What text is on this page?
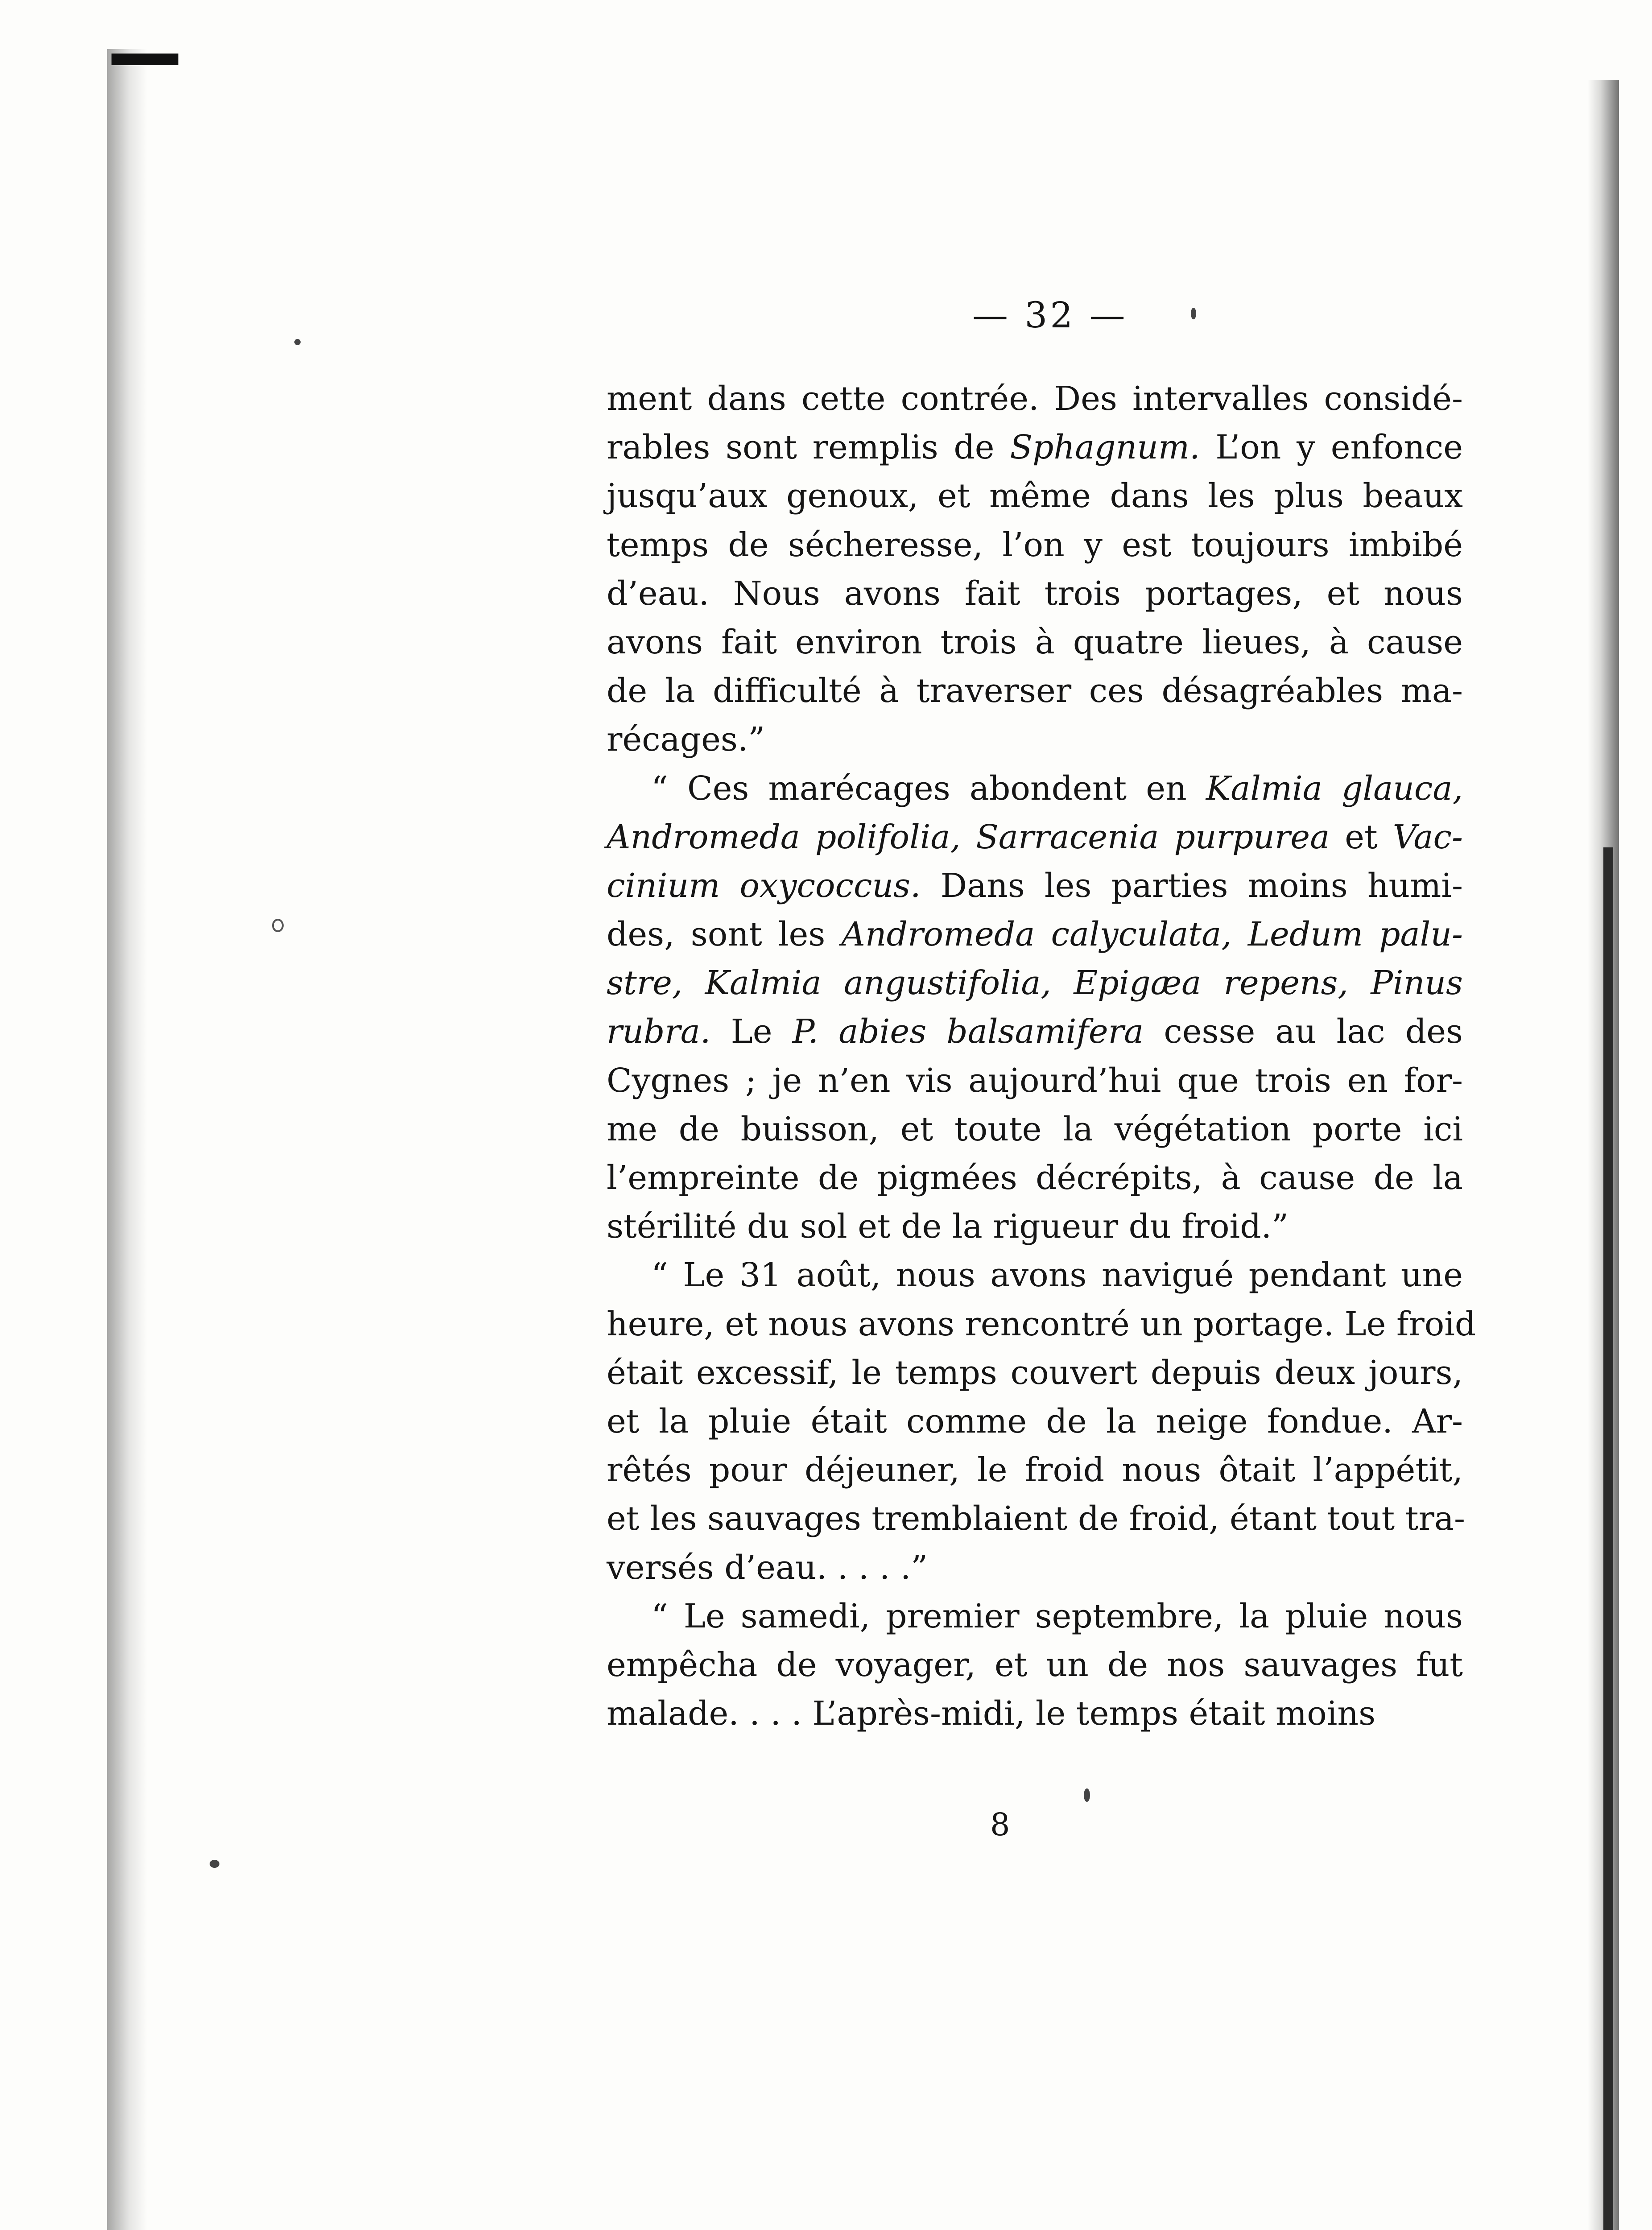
— 32 —
ment dans cette contrée. Des intervalles considé-
rables sont remplis de Sphagnum. L’on y enfonce
jusqu’aux genoux, et même dans les plus beaux
temps de sécheresse, l’on y est toujours imbibé
d’eau. Nous avons fait trois portages, et nous
avons fait environ trois à quatre lieues, à cause
de la difficulté à traverser ces désagréables ma-
récages.”
“ Ces marécages abondent en Kalmia glauca,
Andromeda polifolia, Sarracenia purpurea et Vac-
cinium oxycoccus. Dans les parties moins humi-
des, sont les Andromeda calyculata, Ledum palu-
stre, Kalmia angustifolia, Epigæa repens, Pinus
rubra. Le P. abies balsamifera cesse au lac des
Cygnes ; je n’en vis aujourd’hui que trois en for-
me de buisson, et toute la végétation porte ici
l’empreinte de pigmées décrépits, à cause de la
stérilité du sol et de la rigueur du froid.”
“ Le 31 août, nous avons navigué pendant une
heure, et nous avons rencontré un portage. Le froid
était excessif, le temps couvert depuis deux jours,
et la pluie était comme de la neige fondue. Ar-
rêtés pour déjeuner, le froid nous ôtait l’appétit,
et les sauvages tremblaient de froid, étant tout tra-
versés d’eau. . . . .”
“ Le samedi, premier septembre, la pluie nous
empêcha de voyager, et un de nos sauvages fut
malade. . . . L’après-midi, le temps était moins
8
